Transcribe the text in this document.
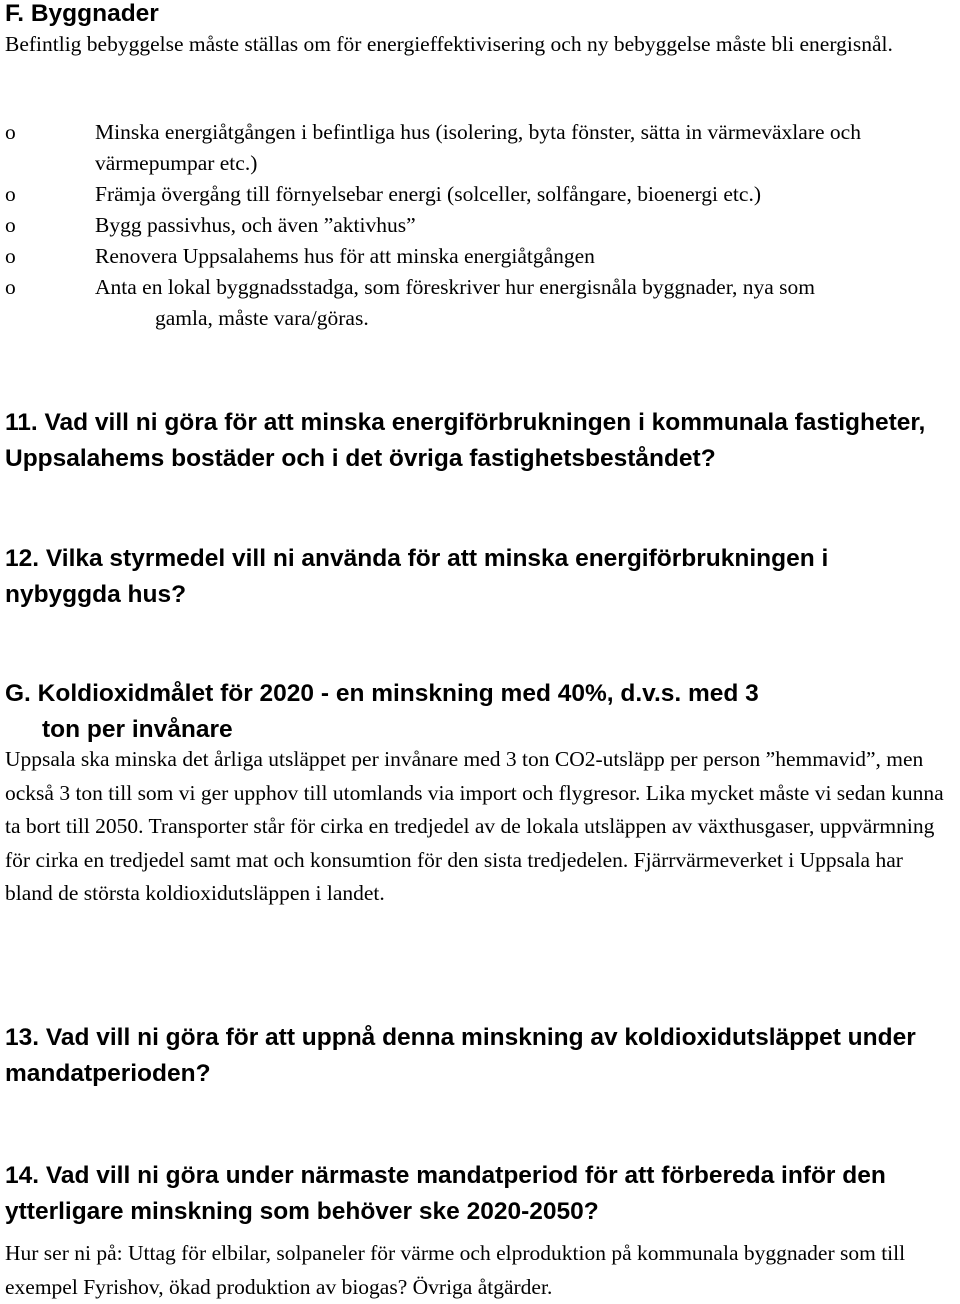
F. Byggnader

Befintlig bebyggelse måste ställas om för energieffektivisering och ny bebyggelse måste bli energisnål.

o	Minska energiåtgången i befintliga hus (isolering, byta fönster, sätta in värmeväxlare och värmepumpar etc.)
o	Främja övergång till förnyelsebar energi (solceller, solfångare, bioenergi etc.)
o	Bygg passivhus, och även ”aktivhus”
o	Renovera Uppsalahems hus för att minska energiåtgången
o	Anta en lokal byggnadsstadga, som föreskriver hur energisnåla byggnader, nya som
gamla, måste vara/göras.
11. Vad vill ni göra för att minska energiförbrukningen i kommunala fastigheter, Uppsalahems bostäder och i det övriga fastighetsbeståndet?
12. Vilka styrmedel vill ni använda för att minska energiförbrukningen i nybyggda hus?
G. Koldioxidmålet för 2020 - en minskning med 40%, d.v.s. med 3
ton per invånare

Uppsala ska minska det årliga utsläppet per invånare med 3 ton CO2-utsläpp per person ”hemmavid”, men också 3 ton till som vi ger upphov till utomlands via import och flygresor. Lika mycket måste vi sedan kunna ta bort till 2050. Transporter står för cirka en tredjedel av de lokala utsläppen av växthusgaser, uppvärmning för cirka en tredjedel samt mat och konsumtion för den sista tredjedelen. Fjärrvärmeverket i Uppsala har bland de största koldioxidutsläppen i landet.

13. Vad vill ni göra för att uppnå denna minskning av koldioxidutsläppet under mandatperioden?
14. Vad vill ni göra under närmaste mandatperiod för att förbereda inför den ytterligare minskning som behöver ske 2020-2050?

Hur ser ni på: Uttag för elbilar, solpaneler för värme och elproduktion på kommunala byggnader som till exempel Fyrishov, ökad produktion av biogas? Övriga åtgärder.
